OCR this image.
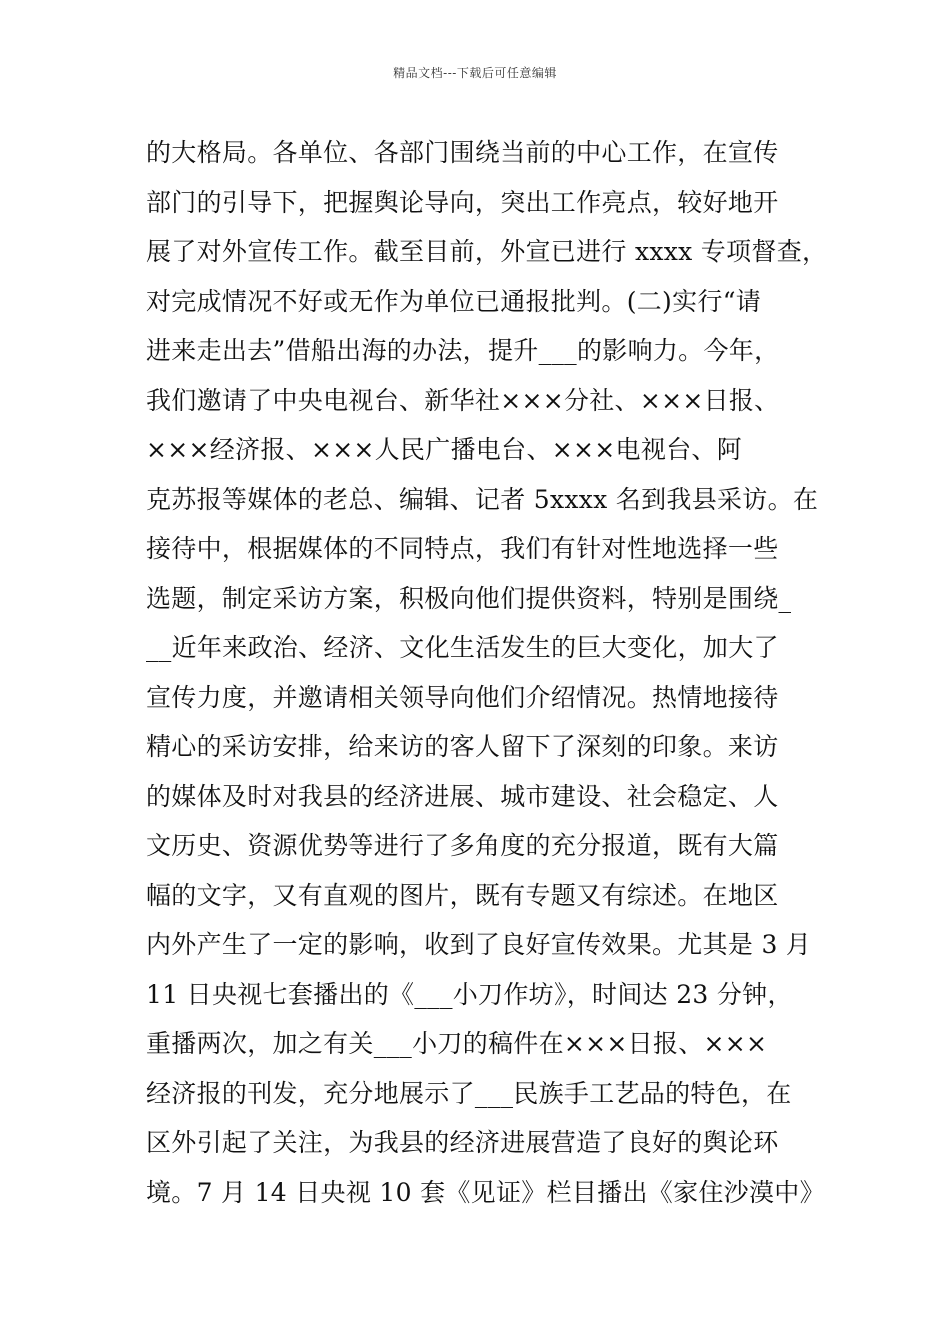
精品文档---下载后可任意编辑
的大格局。各单位、各部门围绕当前的中心工作，在宣传
部门的引导下，把握舆论导向，突出工作亮点，较好地开
展了对外宣传工作。截至目前，外宣已进行 xxxx 专项督查，
对完成情况不好或无作为单位已通报批判。(二)实行“请
进来走出去”借船出海的办法，提升___的影响力。今年，
我们邀请了中央电视台、新华社×××分社、×××日报、
×××经济报、×××人民广播电台、×××电视台、阿
克苏报等媒体的老总、编辑、记者 5xxxx 名到我县采访。在
接待中，根据媒体的不同特点，我们有针对性地选择一些
选题，制定采访方案，积极向他们提供资料，特别是围绕_
__近年来政治、经济、文化生活发生的巨大变化，加大了
宣传力度，并邀请相关领导向他们介绍情况。热情地接待
精心的采访安排，给来访的客人留下了深刻的印象。来访
的媒体及时对我县的经济进展、城市建设、社会稳定、人
文历史、资源优势等进行了多角度的充分报道，既有大篇
幅的文字，又有直观的图片，既有专题又有综述。在地区
内外产生了一定的影响，收到了良好宣传效果。尤其是 3 月
11 日央视七套播出的《___小刀作坊》，时间达 23 分钟，
重播两次，加之有关___小刀的稿件在×××日报、×××
经济报的刊发，充分地展示了___民族手工艺品的特色，在
区外引起了关注，为我县的经济进展营造了良好的舆论环
境。7 月 14 日央视 10 套《见证》栏目播出《家住沙漠中》
